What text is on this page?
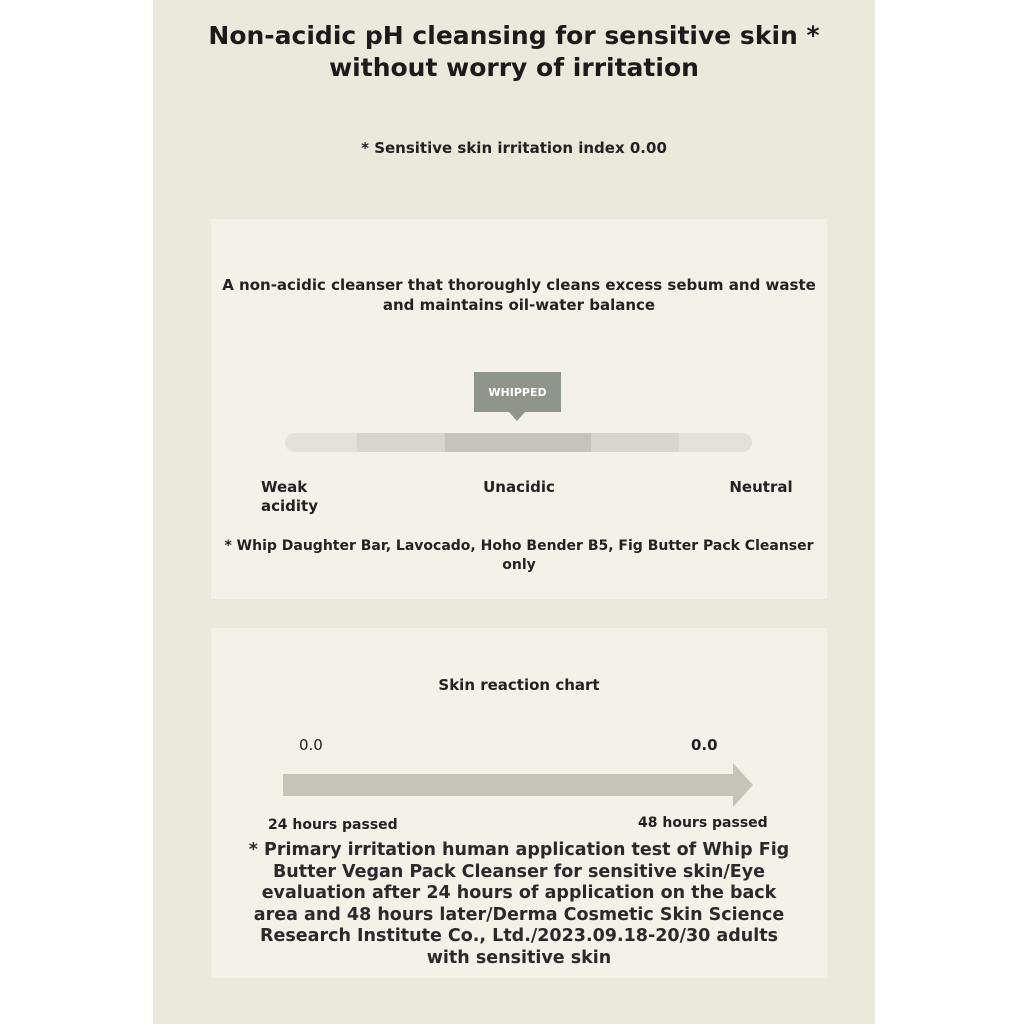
Non-acidic pH cleansing for sensitive skin *
without worry of irritation
* Sensitive skin irritation index 0.00
A non-acidic cleanser that thoroughly cleans excess sebum and waste
and maintains oil-water balance
WHIPPED
Weak
acidity
Unacidic	Neutral
* Whip Daughter Bar, Lavocado, Hoho Bender B5, Fig Butter Pack Cleanser
only
Skin reaction chart
0.0	0.0
24 hours passed	48 hours passed
* Primary irritation human application test of Whip Fig
Butter Vegan Pack Cleanser for sensitive skin/Eye
evaluation after 24 hours of application on the back
area and 48 hours later/Derma Cosmetic Skin Science
Research Institute Co., Ltd./2023.09.18-20/30 adults
with sensitive skin
